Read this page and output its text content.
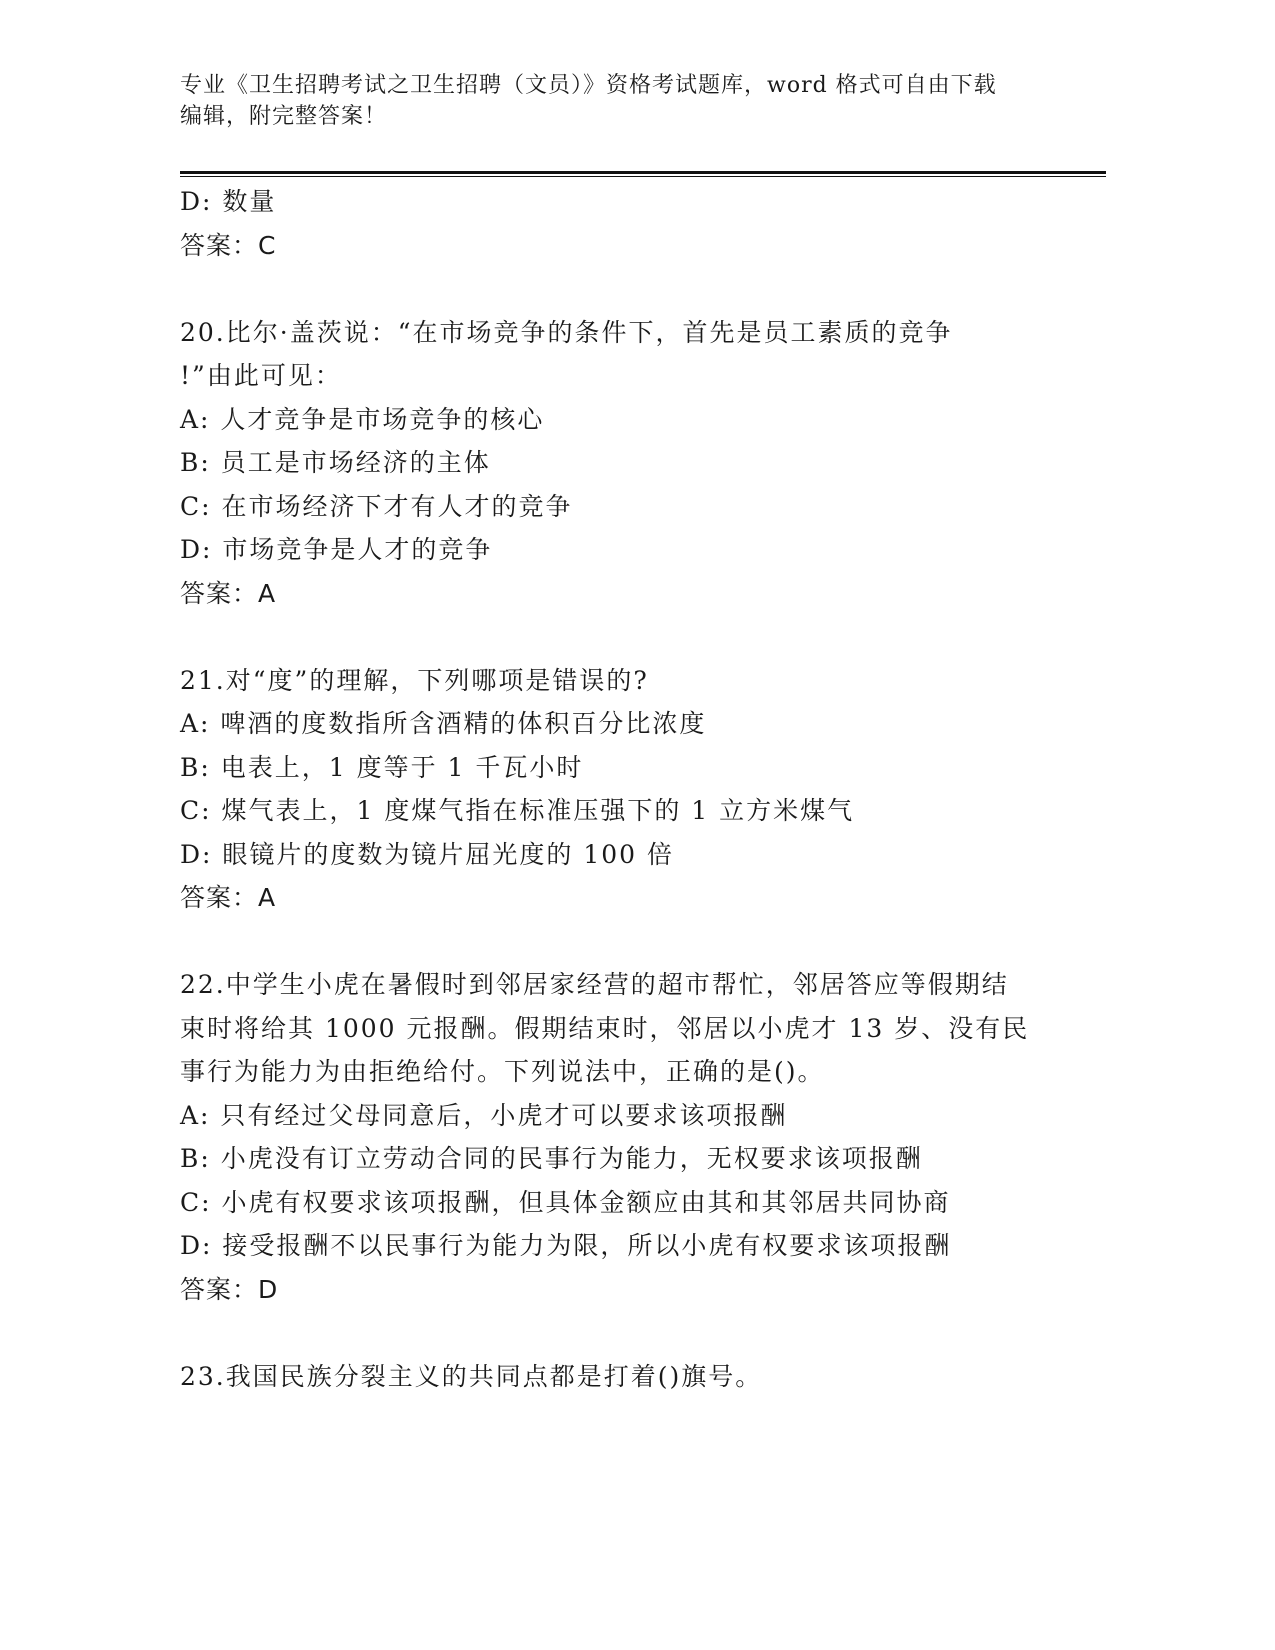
专业《卫生招聘考试之卫生招聘（文员）》资格考试题库，word 格式可自由下载
编辑，附完整答案！
D: 数量
答案：C
20.比尔·盖茨说：“在市场竞争的条件下，首先是员工素质的竞争
!”由此可见：
A: 人才竞争是市场竞争的核心
B: 员工是市场经济的主体
C: 在市场经济下才有人才的竞争
D: 市场竞争是人才的竞争
答案：A
21.对“度”的理解，下列哪项是错误的?
A: 啤酒的度数指所含酒精的体积百分比浓度
B: 电表上，1 度等于 1 千瓦小时
C: 煤气表上，1 度煤气指在标准压强下的 1 立方米煤气
D: 眼镜片的度数为镜片屈光度的 100 倍
答案：A
22.中学生小虎在暑假时到邻居家经营的超市帮忙，邻居答应等假期结
束时将给其 1000 元报酬。假期结束时，邻居以小虎才 13 岁、没有民
事行为能力为由拒绝给付。下列说法中，正确的是()。
A: 只有经过父母同意后，小虎才可以要求该项报酬
B: 小虎没有订立劳动合同的民事行为能力，无权要求该项报酬
C: 小虎有权要求该项报酬，但具体金额应由其和其邻居共同协商
D: 接受报酬不以民事行为能力为限，所以小虎有权要求该项报酬
答案：D
23.我国民族分裂主义的共同点都是打着()旗号。
